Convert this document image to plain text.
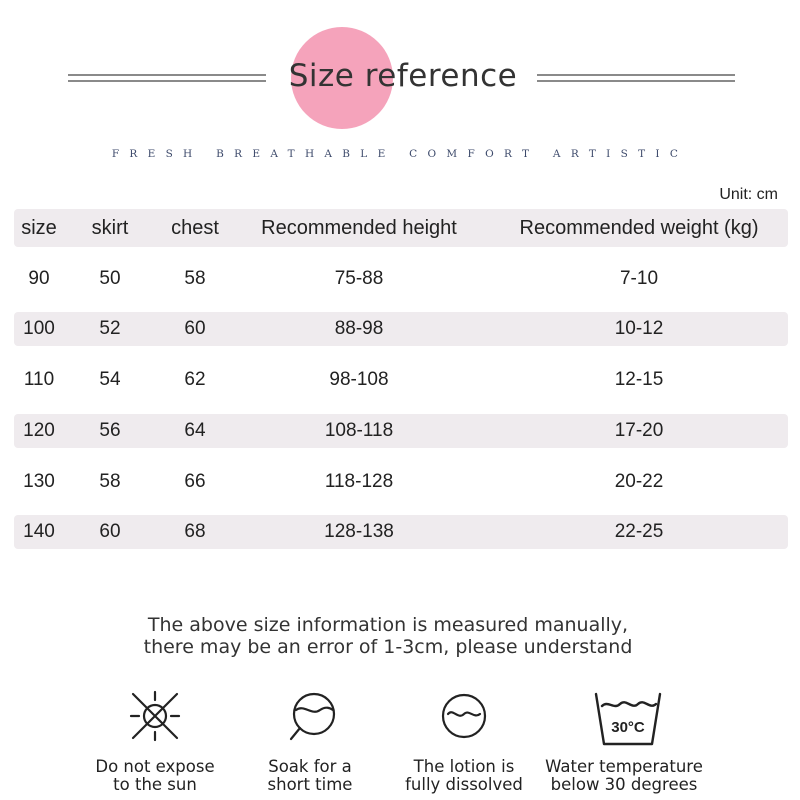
Size reference
FRESH BREATHABLE COMFORT ARTISTIC
Unit: cm
size	skirt	chest	Recommended height	Recommended weight (kg)
90	50	58	75-88	7-10
100	52	60	88-98	10-12
110	54	62	98-108	12-15
120	56	64	108-118	17-20
130	58	66	118-128	20-22
140	60	68	128-138	22-25
The above size information is measured manually,
there may be an error of 1-3cm, please understand
Do not expose
to the sun
Soak for a
short time
The lotion is
fully dissolved
30°C
Water temperature
below 30 degrees
